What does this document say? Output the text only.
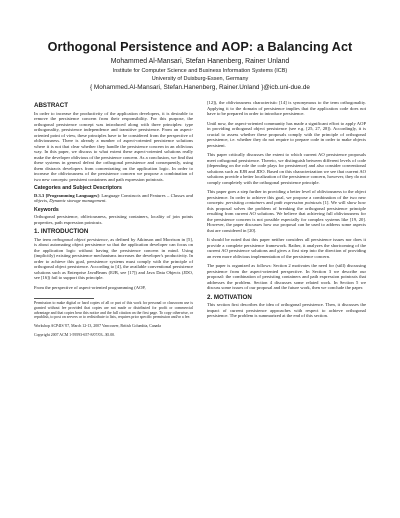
Orthogonal Persistence and AOP: a Balancing Act
Mohammed Al-Mansari, Stefan Hanenberg, Rainer Unland
Institute for Computer Science and Business Information Systems (ICB)
University of Duisburg-Essen, Germany
{ Mohammed.Al-Mansari, Stefan.Hanenberg, Rainer.Unland }@icb.uni-due.de
ABSTRACT

In order to increase the productivity of the application developers, it is desirable to remove the persistence concern from their responsibility. For this purpose, the orthogonal persistence concept was introduced along with three principles: type orthogonality, persistence independence and transitive persistence. From an aspect-oriented point of view, these principles have to be considered from the perspective of obliviousness. There is already a number of aspect-oriented persistence solutions where it is not that clear whether they handle the persistence concern in an oblivious way. In this paper, we discuss to what extent these aspect-oriented solutions really make the developer oblivious of the persistence concern. As a conclusion, we find that these systems in general defeat the orthogonal persistence and consequently, using them distracts developers from concentrating on the application logic. In order to increase the obliviousness of the persistence concern we propose a combination of two new concepts: persistent containers and path expression pointcuts.

Categories and Subject Descriptors

D.3.3 [Programming Languages]: Language Constructs and Features – Classes and objects, Dynamic storage management.

Keywords

Orthogonal persistence, obliviousness, persisting containers, locality of join points properties, path expression pointcuts.

1. INTRODUCTION

The term orthogonal object persistence, as defined by Atkinson and Morrison in [5], is about automating object persistence so that the application developer can focus on the application logic without having the persistence concern in mind. Using (implicitly) existing persistence mechanisms increases the developer's productivity. In order to achieve this goal, persistence systems must comply with the principle of orthogonal object persistence. According to [4], the available conventional persistence solutions such as Enterprise JavaBeans (EJB, see [17]) and Java Data Objects (JDO, see [16]) fail to support this principle.

From the perspective of aspect-oriented programming (AOP,

Permission to make digital or hard copies of all or part of this work for personal or classroom use is granted without fee provided that copies are not made or distributed for profit or commercial advantage and that copies bear this notice and the full citation on the first page. To copy otherwise, or republish, to post on servers or to redistribute to lists, requires prior specific permission and/or a fee.

Workshop ACP4IS '07, March 12-13, 2007 Vancouver, British Columbia, Canada

Copyright 2007 ACM 1-59593-657-8/07/03...$5.00.

[12]), the obliviousness characteristic [14] is synonymous to the term orthogonality. Applying it to the domain of persistence implies that the application code does not have to be prepared in order to introduce persistence.

Until now, the aspect-oriented community has made a significant effort to apply AOP in providing orthogonal object persistence (see e.g. [25, 27, 28]). Accordingly, it is crucial to assess whether these proposals comply with the principle of orthogonal persistence, i.e. whether they do not require to prepare code in order to make objects persistent.

This paper critically discusses the extent to which current AO persistence proposals meet orthogonal persistence. Thereto, we distinguish between different levels of code (depending on the role the code plays for persistence) and also consider conventional solutions such as EJB and JDO. Based on this characterization we see that current AO solutions provide a better localization of the persistence concern, however, they do not comply completely with the orthogonal persistence principle.

This paper goes a step further in providing a better level of obliviousness to the object persistence. In order to achieve this goal, we propose a combination of the two new concepts: persisting containers and path expression pointcuts [1]. We will show how this proposal solves the problem of breaking the orthogonal persistence principle resulting from current AO solutions. We believe that achieving full obliviousness for the persistence concern is not possible especially for complex systems like [19, 20]. However, the paper discusses how our proposal can be used to address some aspects that are considered in [20].

It should be noted that this paper neither considers all persistence issues nor does it provide a complete persistence framework. Rather, it analyzes the shortcoming of the current AO persistence solutions and gives a first step into the direction of providing an even more oblivious implementation of the persistence concern.

The paper is organized as follows: Section 2 motivates the need for (still) discussing persistence from the aspect-oriented perspective. In Section 3 we describe our proposal: the combination of persisting containers and path expression pointcuts that addresses the problem. Section 4 discusses some related work. In Section 5 we discuss some issues of our proposal and the future work, then we conclude the paper.

2. MOTIVATION

This section first describes the idea of orthogonal persistence. Then, it discusses the impact of current persistence approaches with respect to achieve orthogonal persistence. The problem is summarized at the end of this section.
